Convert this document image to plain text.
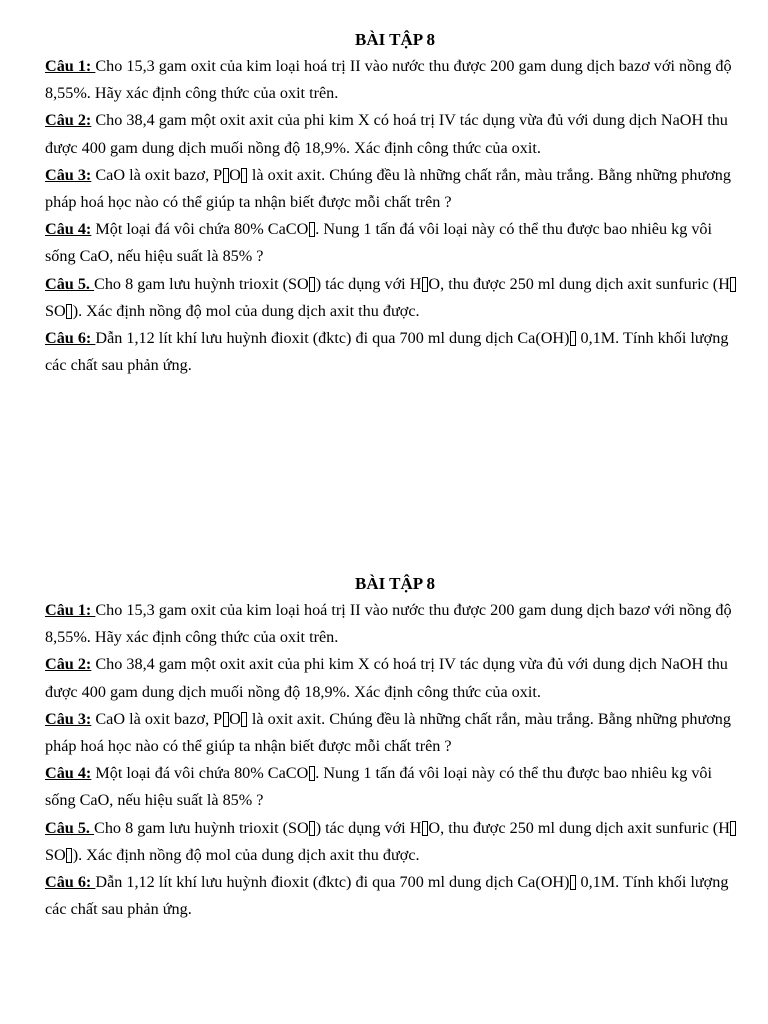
BÀI TẬP 8

Câu 1: Cho 15,3 gam oxit của kim loại hoá trị II vào nước thu được 200 gam dung dịch bazơ với nồng độ 8,55%. Hãy xác định công thức của oxit trên.

Câu 2: Cho 38,4 gam một oxit axit của phi kim X có hoá trị IV tác dụng vừa đủ với dung dịch NaOH thu được 400 gam dung dịch muối nồng độ 18,9%. Xác định công thức của oxit.

Câu 3: CaO là oxit bazơ, P O là oxit axit. Chúng đều là những chất rắn, màu trắng. Bằng những phương pháp hoá học nào có thể giúp ta nhận biết được mỗi chất trên ?

Câu 4: Một loại đá vôi chứa 80% CaCO . Nung 1 tấn đá vôi loại này có thể thu được bao nhiêu kg vôi sống CaO, nếu hiệu suất là 85% ?

Câu 5. Cho 8 gam lưu huỳnh trioxit (SO ) tác dụng với H O, thu được 250 ml dung dịch axit sunfuric (HSO ). Xác định nồng độ mol của dung dịch axit thu được.

Câu 6: Dẫn 1,12 lít khí lưu huỳnh đioxit (đktc) đi qua 700 ml dung dịch Ca(OH) 0,1M. Tính khối lượng các chất sau phản ứng.

BÀI TẬP 8

Câu 1: Cho 15,3 gam oxit của kim loại hoá trị II vào nước thu được 200 gam dung dịch bazơ với nồng độ 8,55%. Hãy xác định công thức của oxit trên.

Câu 2: Cho 38,4 gam một oxit axit của phi kim X có hoá trị IV tác dụng vừa đủ với dung dịch NaOH thu được 400 gam dung dịch muối nồng độ 18,9%. Xác định công thức của oxit.

Câu 3: CaO là oxit bazơ, P O là oxit axit. Chúng đều là những chất rắn, màu trắng. Bằng những phương pháp hoá học nào có thể giúp ta nhận biết được mỗi chất trên ?

Câu 4: Một loại đá vôi chứa 80% CaCO . Nung 1 tấn đá vôi loại này có thể thu được bao nhiêu kg vôi sống CaO, nếu hiệu suất là 85% ?

Câu 5. Cho 8 gam lưu huỳnh trioxit (SO ) tác dụng với H O, thu được 250 ml dung dịch axit sunfuric (HSO ). Xác định nồng độ mol của dung dịch axit thu được.

Câu 6: Dẫn 1,12 lít khí lưu huỳnh đioxit (đktc) đi qua 700 ml dung dịch Ca(OH) 0,1M. Tính khối lượng các chất sau phản ứng.
